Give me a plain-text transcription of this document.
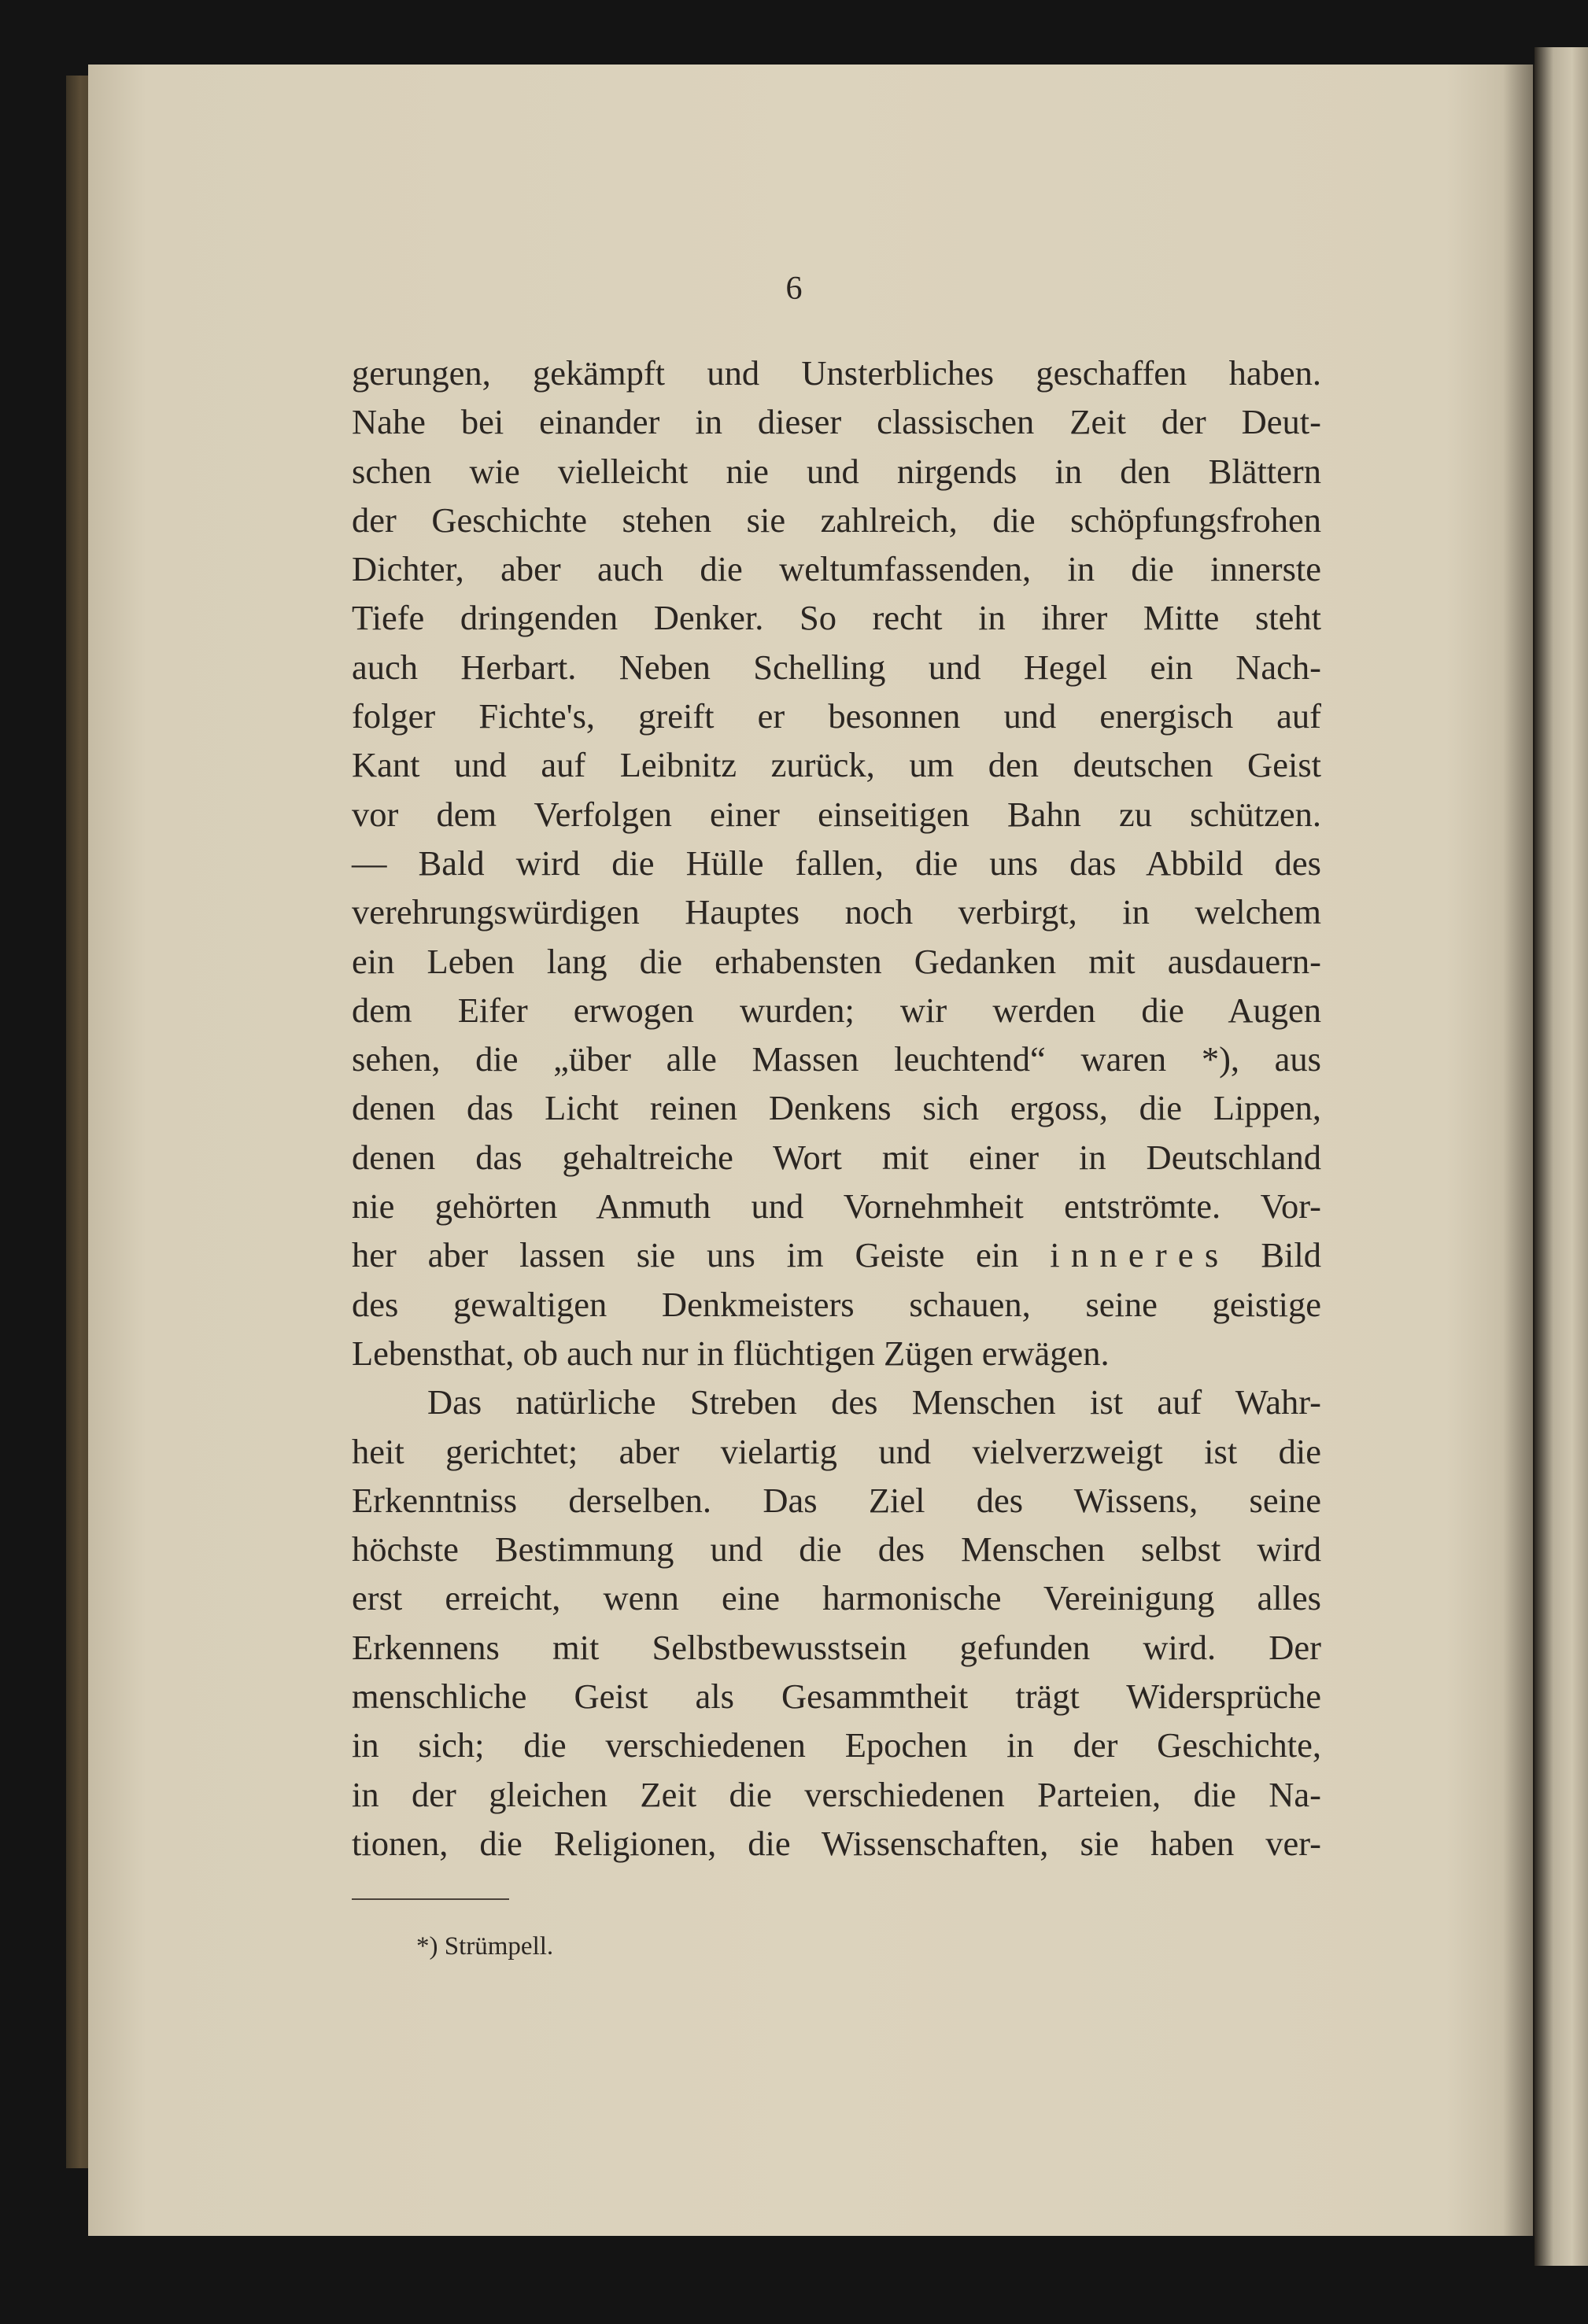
6
gerungen, gekämpft und Unsterbliches geschaffen haben.
Nahe bei einander in dieser classischen Zeit der Deut-
schen wie vielleicht nie und nirgends in den Blättern
der Geschichte stehen sie zahlreich, die schöpfungsfrohen
Dichter, aber auch die weltumfassenden, in die innerste
Tiefe dringenden Denker. So recht in ihrer Mitte steht
auch Herbart. Neben Schelling und Hegel ein Nach-
folger Fichte's, greift er besonnen und energisch auf
Kant und auf Leibnitz zurück, um den deutschen Geist
vor dem Verfolgen einer einseitigen Bahn zu schützen.
— Bald wird die Hülle fallen, die uns das Abbild des
verehrungswürdigen Hauptes noch verbirgt, in welchem
ein Leben lang die erhabensten Gedanken mit ausdauern-
dem Eifer erwogen wurden; wir werden die Augen
sehen, die „über alle Massen leuchtend“ waren *), aus
denen das Licht reinen Denkens sich ergoss, die Lippen,
denen das gehaltreiche Wort mit einer in Deutschland
nie gehörten Anmuth und Vornehmheit entströmte. Vor-
her aber lassen sie uns im Geiste ein inneres Bild
des gewaltigen Denkmeisters schauen, seine geistige
Lebensthat, ob auch nur in flüchtigen Zügen erwägen.
Das natürliche Streben des Menschen ist auf Wahr-
heit gerichtet; aber vielartig und vielverzweigt ist die
Erkenntniss derselben. Das Ziel des Wissens, seine
höchste Bestimmung und die des Menschen selbst wird
erst erreicht, wenn eine harmonische Vereinigung alles
Erkennens mit Selbstbewusstsein gefunden wird. Der
menschliche Geist als Gesammtheit trägt Widersprüche
in sich; die verschiedenen Epochen in der Geschichte,
in der gleichen Zeit die verschiedenen Parteien, die Na-
tionen, die Religionen, die Wissenschaften, sie haben ver-
*) Strümpell.
